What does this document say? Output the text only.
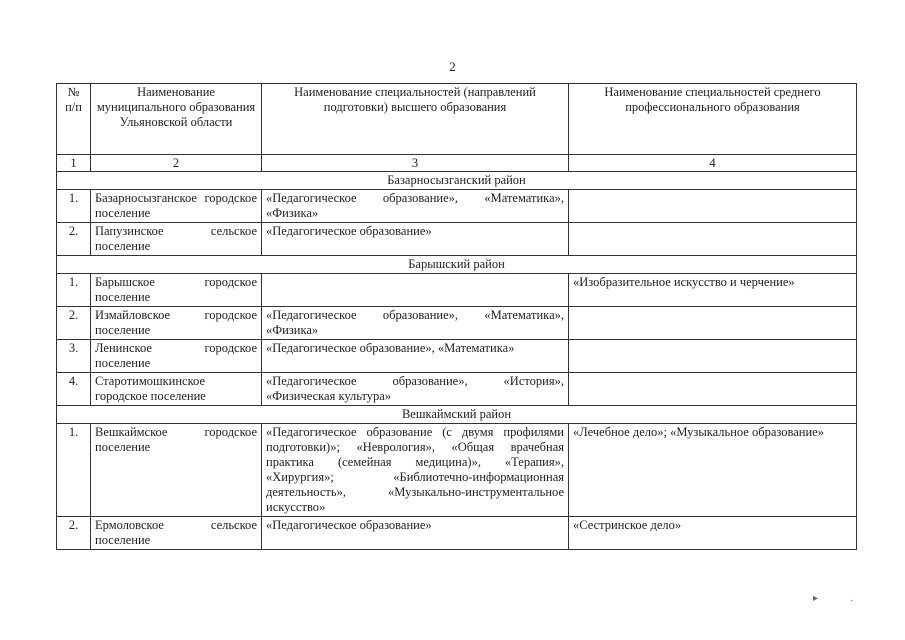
2
№ п/п	Наименование муниципального образования Ульяновской области	Наименование специальностей (направлений подготовки) высшего образования	Наименование специальностей среднего профессионального образования
1	2	3	4
Базарносызганский район			
1.	Базарносызганское городское поселение	«Педагогическое образование», «Математика», «Физика»	
2.	Папузинское сельское поселение	«Педагогическое образование»	
Барышский район			
1.	Барышское городское поселение		«Изобразительное искусство и черчение»
2.	Измайловское городское поселение	«Педагогическое образование», «Математика», «Физика»	
3.	Ленинское городское поселение	«Педагогическое образование», «Математика»	
4.	Старотимошкинское городское поселение	«Педагогическое образование», «История», «Физическая культура»	
Вешкаймский район			
1.	Вешкаймское городское поселение	«Педагогическое образование (с двумя профилями подготовки)»; «Неврология», «Общая врачебная практика (семейная медицина)», «Терапия», «Хирургия»; «Библиотечно-информационная деятельность», «Музыкально-инструментальное искусство»	«Лечебное дело»; «Музыкальное образование»
2.	Ермоловское сельское поселение	«Педагогическое образование»	«Сестринское дело»
▸	·
